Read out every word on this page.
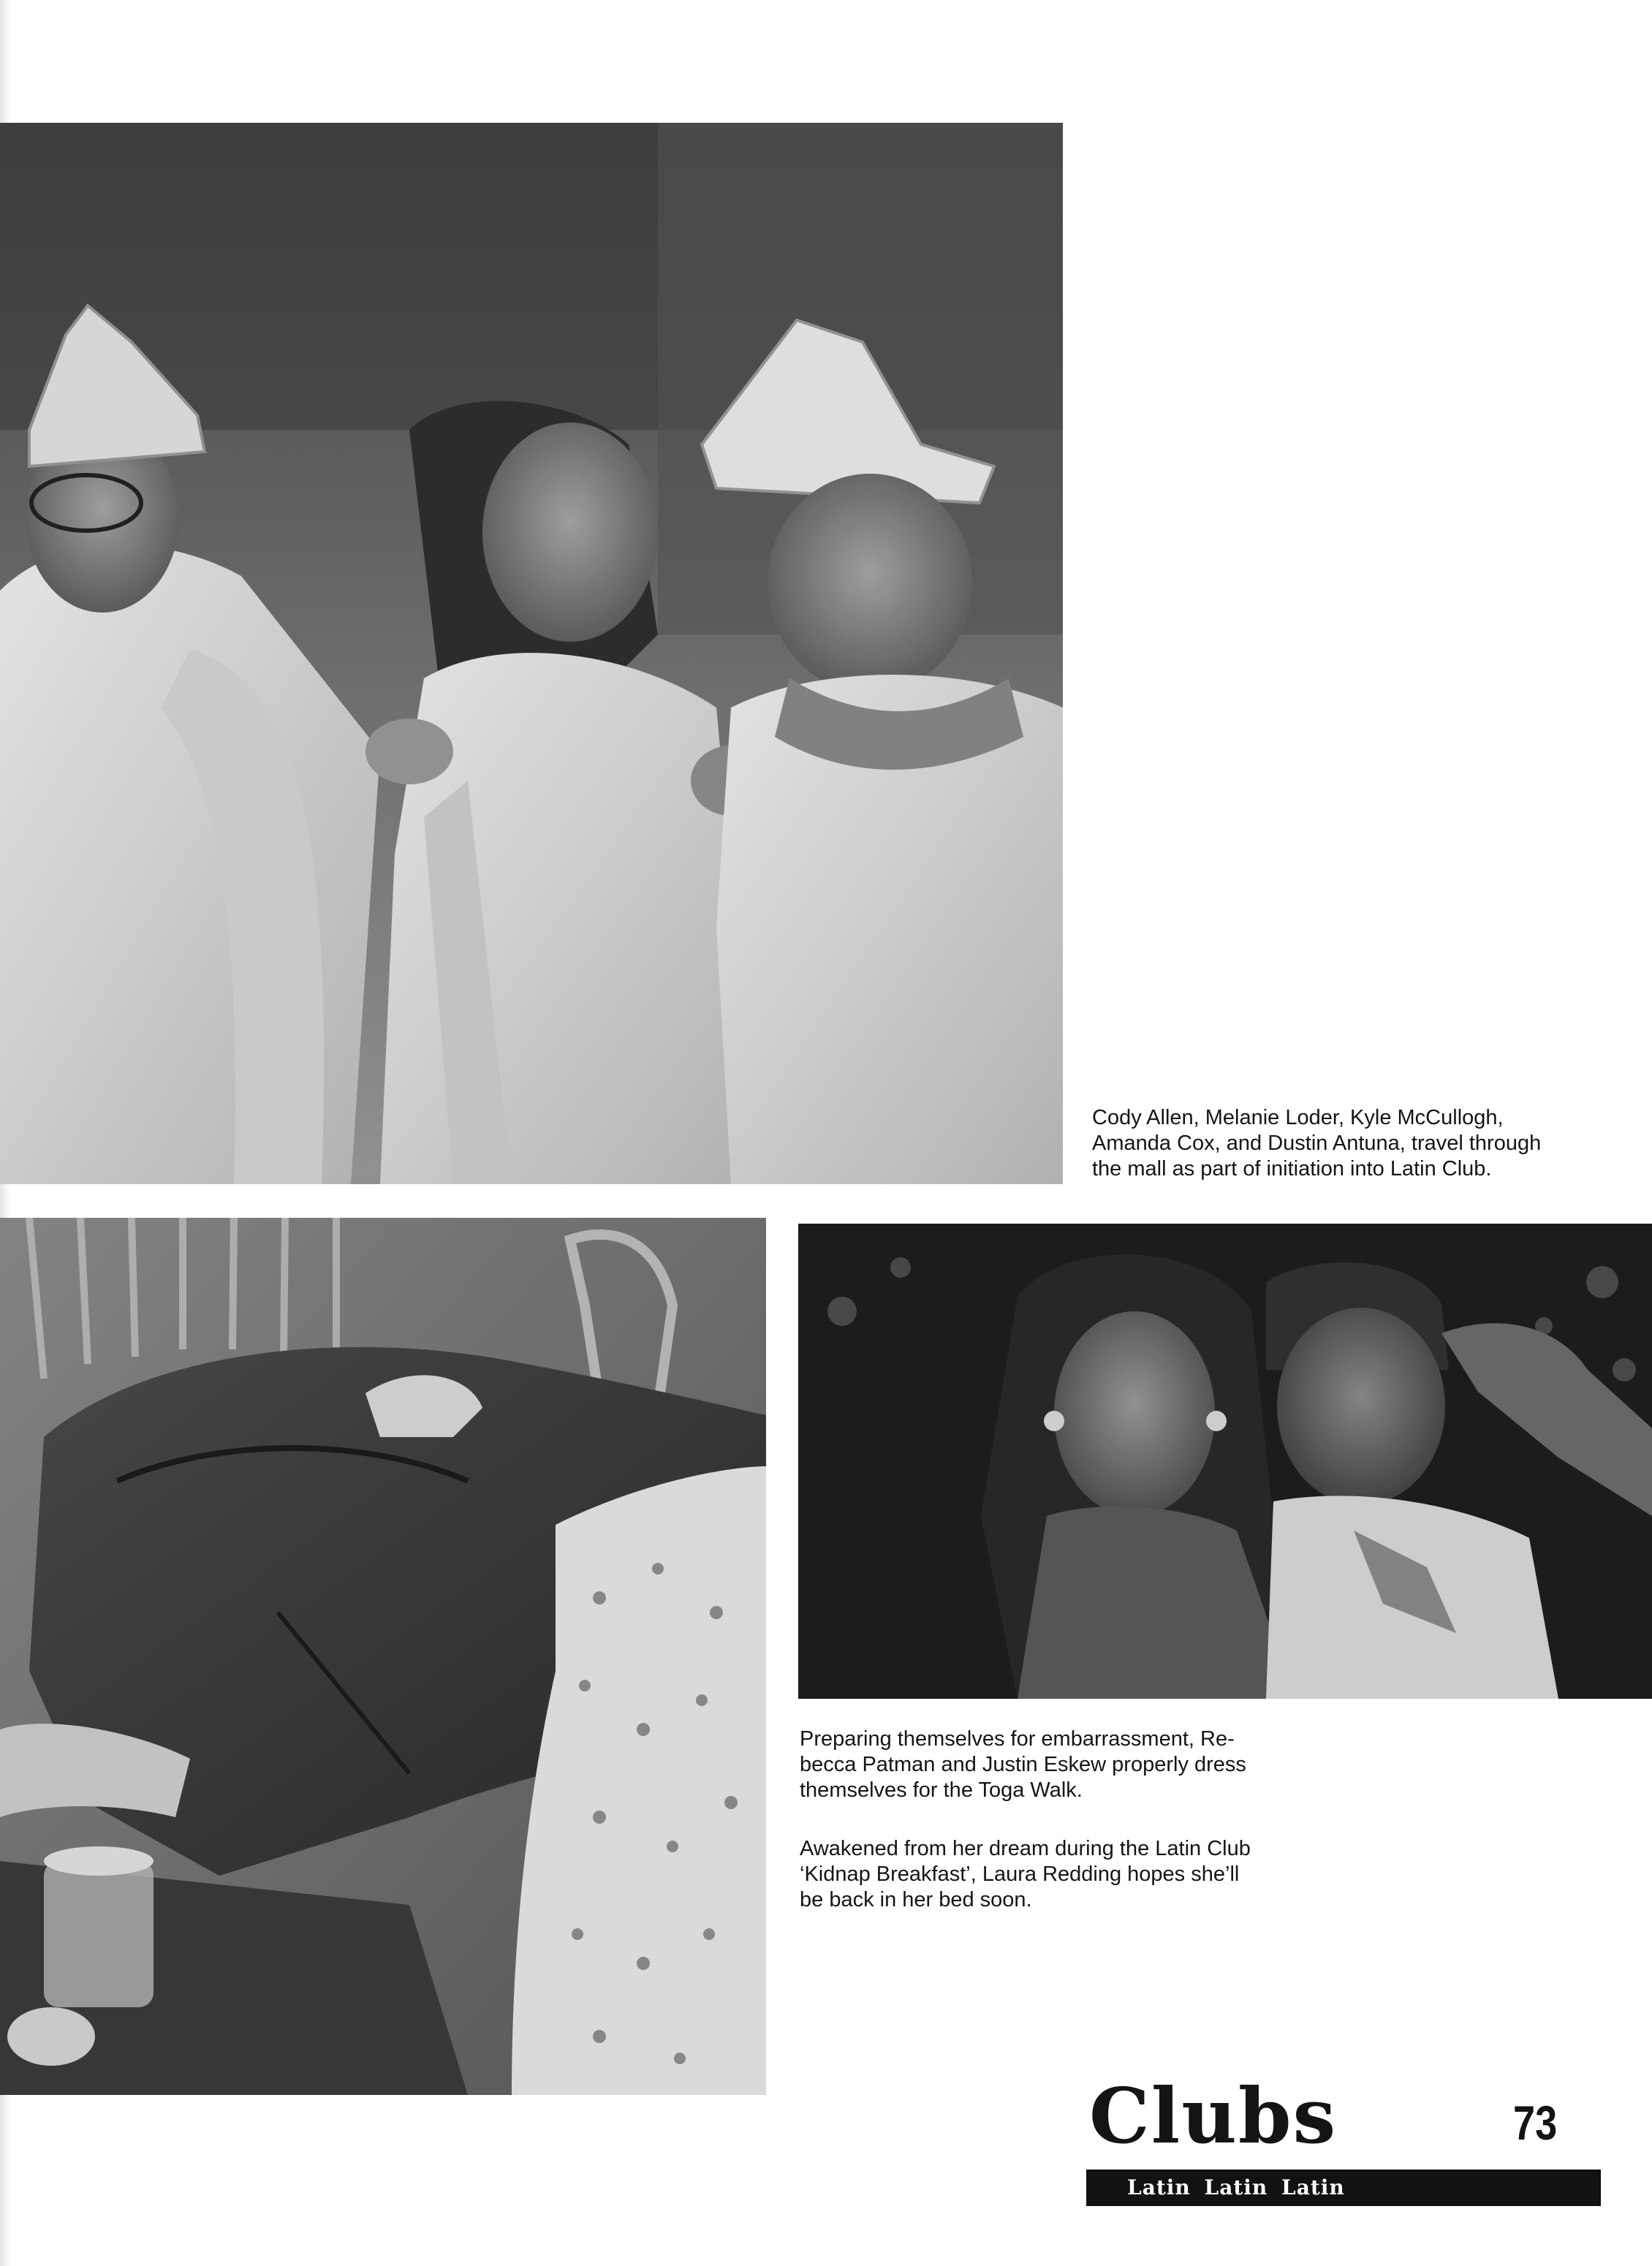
Cody Allen, Melanie Loder, Kyle McCullogh,
Amanda Cox, and Dustin Antuna, travel through
the mall as part of initiation into Latin Club.
Preparing themselves for embarrassment, Re-
becca Patman and Justin Eskew properly dress
themselves for the Toga Walk.
Awakened from her dream during the Latin Club
‘Kidnap Breakfast’, Laura Redding hopes she’ll
be back in her bed soon.
Clubs	73
Latin Latin Latin
